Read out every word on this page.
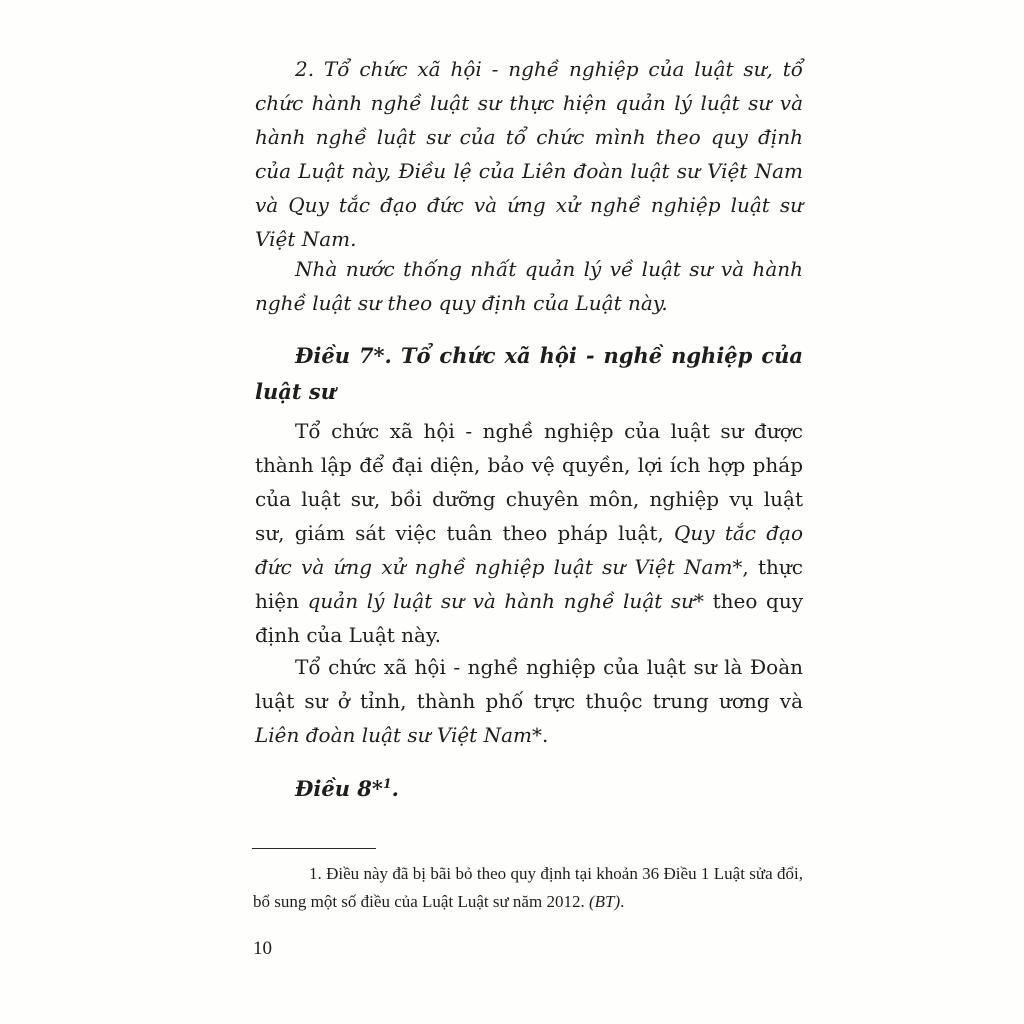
2. Tổ chức xã hội - nghề nghiệp của luật sư, tổ chức hành nghề luật sư thực hiện quản lý luật sư và hành nghề luật sư của tổ chức mình theo quy định của Luật này, Điều lệ của Liên đoàn luật sư Việt Nam và Quy tắc đạo đức và ứng xử nghề nghiệp luật sư Việt Nam.

Nhà nước thống nhất quản lý về luật sư và hành nghề luật sư theo quy định của Luật này.

Điều 7*. Tổ chức xã hội - nghề nghiệp của luật sư

Tổ chức xã hội - nghề nghiệp của luật sư được thành lập để đại diện, bảo vệ quyền, lợi ích hợp pháp của luật sư, bồi dưỡng chuyên môn, nghiệp vụ luật sư, giám sát việc tuân theo pháp luật, Quy tắc đạo đức và ứng xử nghề nghiệp luật sư Việt Nam*, thực hiện quản lý luật sư và hành nghề luật sư* theo quy định của Luật này.

Tổ chức xã hội - nghề nghiệp của luật sư là Đoàn luật sư ở tỉnh, thành phố trực thuộc trung ương và Liên đoàn luật sư Việt Nam*.

Điều 8*$^1$.

1. Điều này đã bị bãi bỏ theo quy định tại khoản 36 Điều 1 Luật sửa đổi, bổ sung một số điều của Luật Luật sư năm 2012. (BT).

10
